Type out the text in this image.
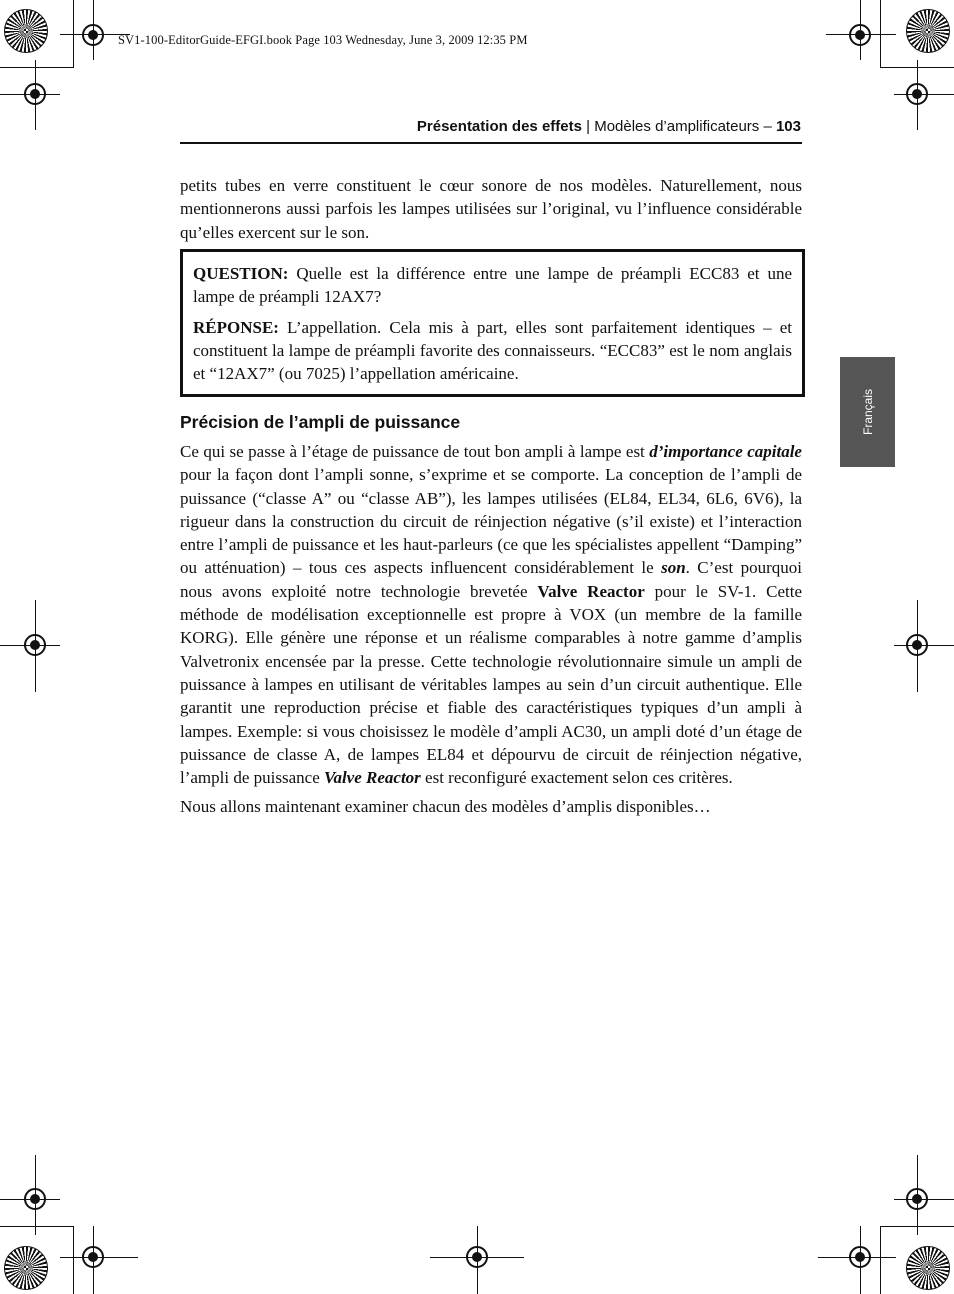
SV1-100-EditorGuide-EFGI.book Page 103 Wednesday, June 3, 2009 12:35 PM
Présentation des effets | Modèles d’amplificateurs – 103
Français

petits tubes en verre constituent le cœur sonore de nos modèles. Naturellement, nous mentionnerons aussi parfois les lampes utilisées sur l’original, vu l’influence considérable qu’elles exercent sur le son.

QUESTION: Quelle est la différence entre une lampe de préampli ECC83 et une lampe de préampli 12AX7?

RÉPONSE: L’appellation. Cela mis à part, elles sont parfaitement identiques – et constituent la lampe de préampli favorite des connaisseurs. “ECC83” est le nom anglais et “12AX7” (ou 7025) l’appellation américaine.

Précision de l’ampli de puissance

Ce qui se passe à l’étage de puissance de tout bon ampli à lampe est d’importance capitale pour la façon dont l’ampli sonne, s’exprime et se comporte. La conception de l’ampli de puissance (“classe A” ou “classe AB”), les lampes utilisées (EL84, EL34, 6L6, 6V6), la rigueur dans la construction du circuit de réinjection négative (s’il existe) et l’interaction entre l’ampli de puissance et les haut-parleurs (ce que les spécialistes appellent “Damping” ou atténuation) – tous ces aspects influencent considérablement le son. C’est pourquoi nous avons exploité notre technologie brevetée Valve Reactor pour le SV-1. Cette méthode de modélisation exceptionnelle est propre à VOX (un membre de la famille KORG). Elle génère une réponse et un réalisme comparables à notre gamme d’amplis Valvetronix encensée par la presse. Cette technologie révolutionnaire simule un ampli de puissance à lampes en utilisant de véritables lampes au sein d’un circuit authentique. Elle garantit une reproduction précise et fiable des caractéristiques typiques d’un ampli à lampes. Exemple: si vous choisissez le modèle d’ampli AC30, un ampli doté d’un étage de puissance de classe A, de lampes EL84 et dépourvu de circuit de réinjection négative, l’ampli de puissance Valve Reactor est reconfiguré exactement selon ces critères.

Nous allons maintenant examiner chacun des modèles d’amplis disponibles…
